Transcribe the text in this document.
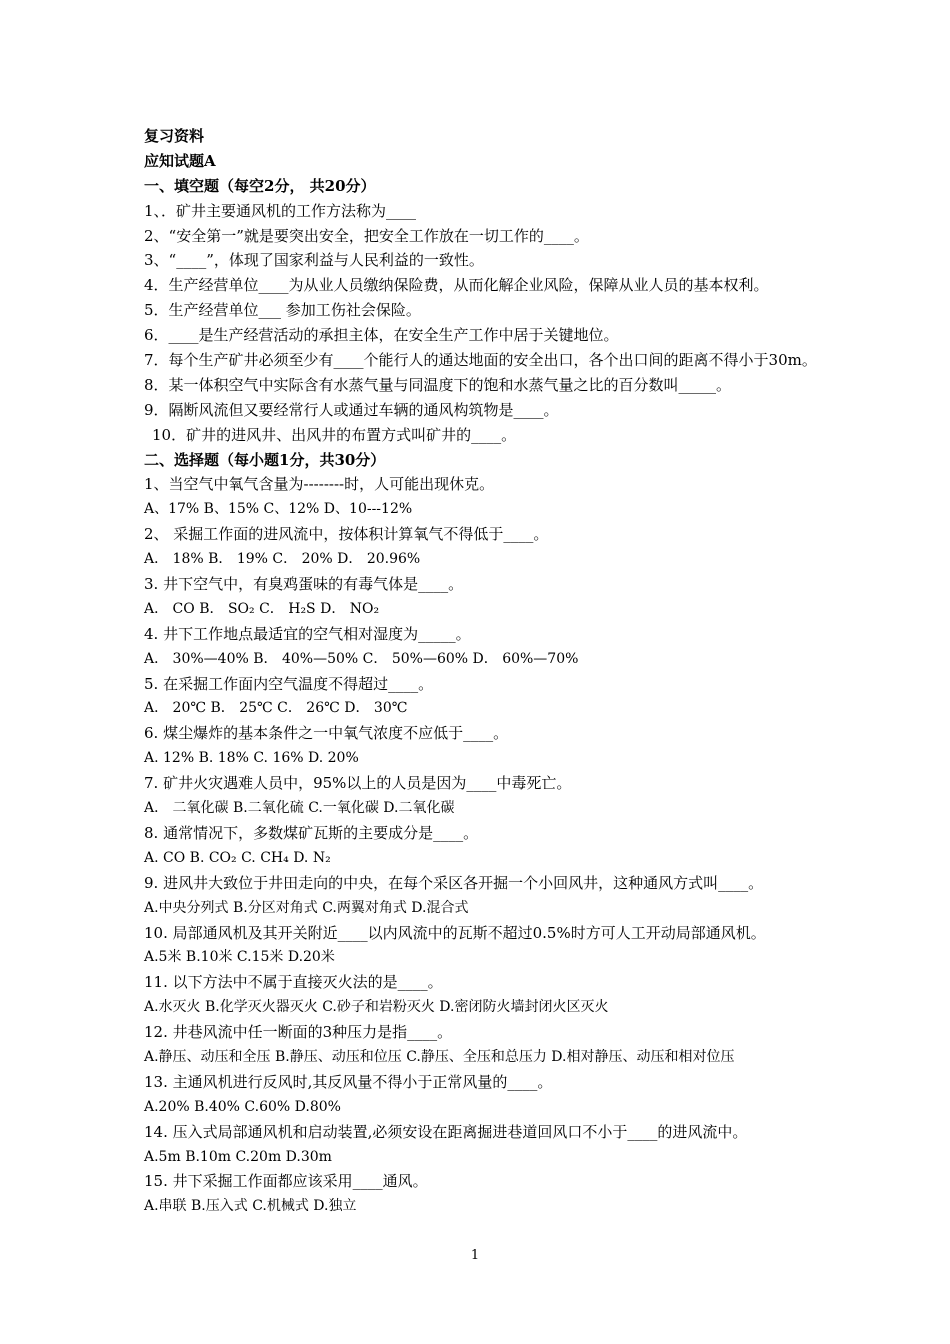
复习资料
应知试题A
一、填空题（每空2分， 共20分）
1、．矿井主要通风机的工作方法称为____
2、“安全第一”就是要突出安全，把安全工作放在一切工作的____。
3、“____”，体现了国家利益与人民利益的一致性。
4．生产经营单位____为从业人员缴纳保险费，从而化解企业风险，保障从业人员的基本权利。
5．生产经营单位___ 参加工伤社会保险。
6．____是生产经营活动的承担主体，在安全生产工作中居于关键地位。
7．每个生产矿井必须至少有____个能行人的通达地面的安全出口，各个出口间的距离不得小于30m。
8．某一体积空气中实际含有水蒸气量与同温度下的饱和水蒸气量之比的百分数叫_____。
9．隔断风流但又要经常行人或通过车辆的通风构筑物是____。
10．矿井的进风井、出风井的布置方式叫矿井的____。
二、选择题（每小题1分，共30分）
1、当空气中氧气含量为--------时，人可能出现休克。
A、17% B、15% C、12% D、10---12%
2、 采掘工作面的进风流中，按体积计算氧气不得低于____。
A． 18% B． 19% C． 20% D． 20.96%
3. 井下空气中，有臭鸡蛋味的有毒气体是____。
A． CO B． SO₂ C． H₂S D． NO₂
4. 井下工作地点最适宜的空气相对湿度为_____。
A． 30%—40% B． 40%—50% C． 50%—60% D． 60%—70%
5. 在采掘工作面内空气温度不得超过____。
A． 20℃ B． 25℃ C． 26℃ D． 30℃
6. 煤尘爆炸的基本条件之一中氧气浓度不应低于____。
A. 12% B. 18% C. 16% D. 20%
7. 矿井火灾遇难人员中，95%以上的人员是因为____中毒死亡。
A． 二氧化碳 B.二氧化硫 C.一氧化碳 D.二氧化碳
8. 通常情况下，多数煤矿瓦斯的主要成分是____。
A. CO B. CO₂ C. CH₄ D. N₂
9. 进风井大致位于井田走向的中央，在每个采区各开掘一个小回风井，这种通风方式叫____。
A.中央分列式 B.分区对角式 C.两翼对角式 D.混合式
10. 局部通风机及其开关附近____以内风流中的瓦斯不超过0.5%时方可人工开动局部通风机。
A.5米 B.10米 C.15米 D.20米
11. 以下方法中不属于直接灭火法的是____。
A.水灭火 B.化学灭火器灭火 C.砂子和岩粉灭火 D.密闭防火墙封闭火区灭火
12. 井巷风流中任一断面的3种压力是指____。
A.静压、动压和全压 B.静压、动压和位压 C.静压、全压和总压力 D.相对静压、动压和相对位压
13. 主通风机进行反风时,其反风量不得小于正常风量的____。
A.20% B.40% C.60% D.80%
14. 压入式局部通风机和启动装置,必须安设在距离掘进巷道回风口不小于____的进风流中。
A.5m B.10m C.20m D.30m
15. 井下采掘工作面都应该采用____通风。
A.串联 B.压入式 C.机械式 D.独立
1
